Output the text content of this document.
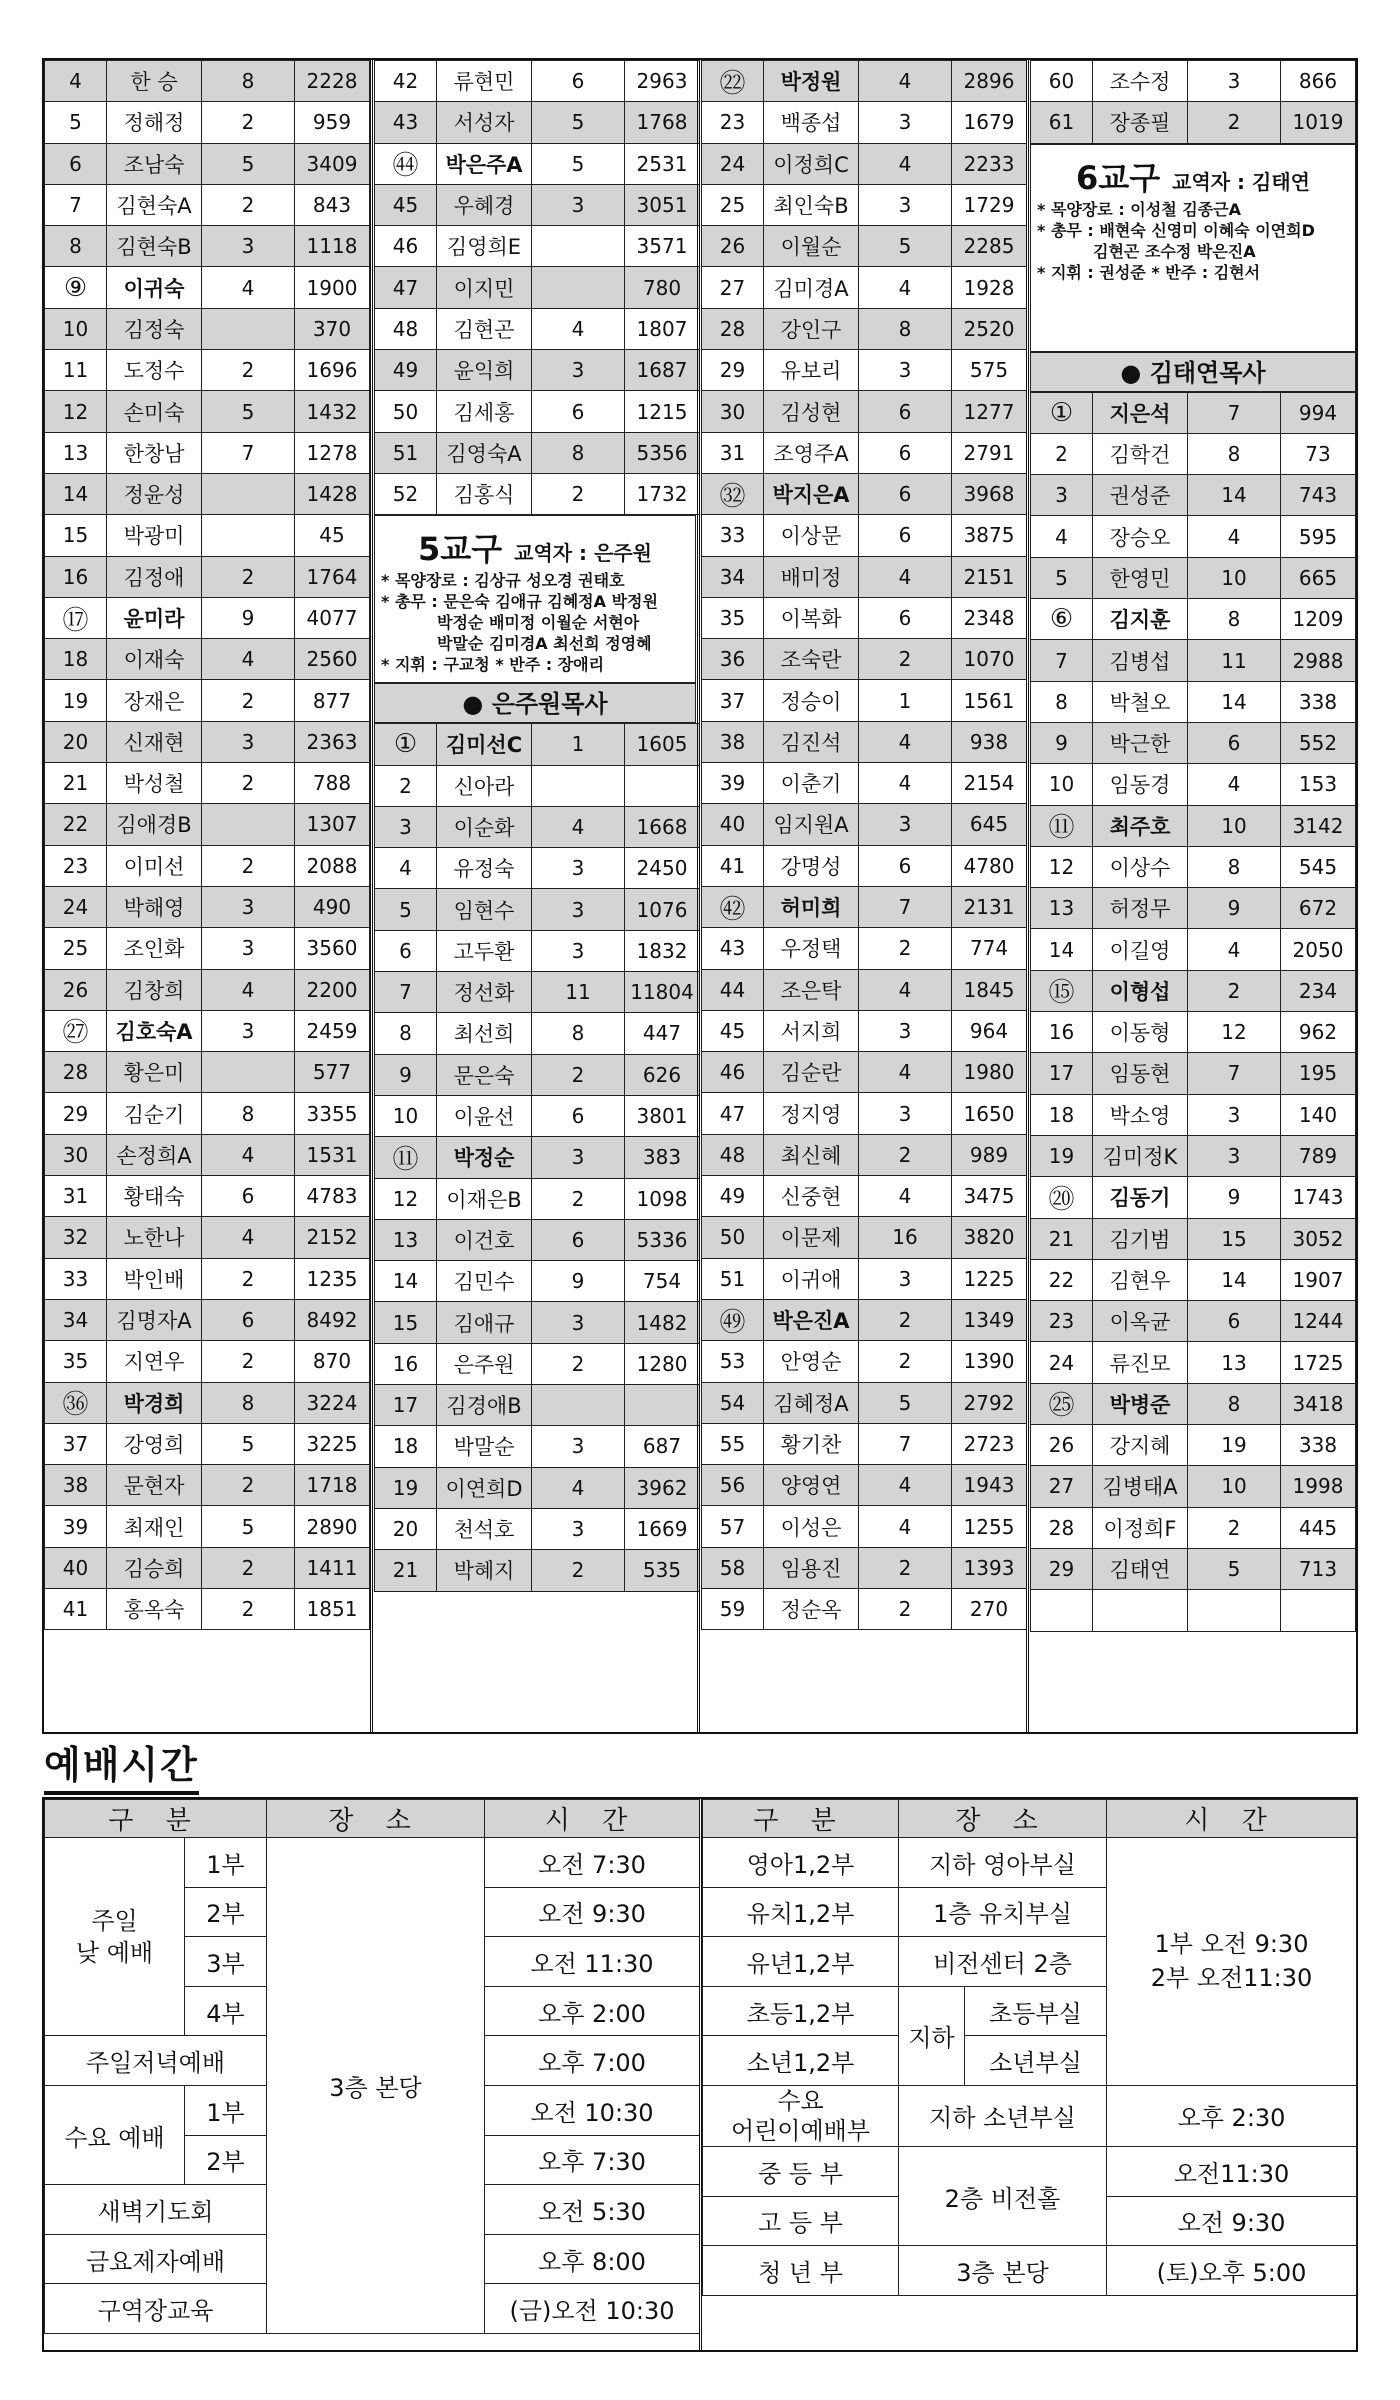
4	한 승	8	2228
5	정해정	2	959
6	조남숙	5	3409
7	김현숙A	2	843
8	김현숙B	3	1118
⑨	이귀숙	4	1900
10	김정숙		370
11	도정수	2	1696
12	손미숙	5	1432
13	한창남	7	1278
14	정윤성		1428
15	박광미		45
16	김정애	2	1764
⑰	윤미라	9	4077
18	이재숙	4	2560
19	장재은	2	877
20	신재현	3	2363
21	박성철	2	788
22	김애경B		1307
23	이미선	2	2088
24	박해영	3	490
25	조인화	3	3560
26	김창희	4	2200
㉗	김호숙A	3	2459
28	황은미		577
29	김순기	8	3355
30	손정희A	4	1531
31	황태숙	6	4783
32	노한나	4	2152
33	박인배	2	1235
34	김명자A	6	8492
35	지연우	2	870
㊱	박경희	8	3224
37	강영희	5	3225
38	문현자	2	1718
39	최재인	5	2890
40	김승희	2	1411
41	홍옥숙	2	1851
42	류현민	6	2963
43	서성자	5	1768
㊹	박은주A	5	2531
45	우혜경	3	3051
46	김영희E		3571
47	이지민		780
48	김현곤	4	1807
49	윤익희	3	1687
50	김세홍	6	1215
51	김영숙A	8	5356
52	김홍식	2	1732
5교구 교역자 : 은주원
* 목양장로 : 김상규 성오경 권태호
* 총무 : 문은숙 김애규 김혜정A 박정원
박정순 배미정 이월순 서현아
박말순 김미경A 최선희 정영혜
* 지휘 : 구교청 * 반주 : 장애리
● 은주원목사
①	김미선C	1	1605
2	신아라		
3	이순화	4	1668
4	유정숙	3	2450
5	임현수	3	1076
6	고두환	3	1832
7	정선화	11	11804
8	최선희	8	447
9	문은숙	2	626
10	이윤선	6	3801
⑪	박정순	3	383
12	이재은B	2	1098
13	이건호	6	5336
14	김민수	9	754
15	김애규	3	1482
16	은주원	2	1280
17	김경애B		
18	박말순	3	687
19	이연희D	4	3962
20	천석호	3	1669
21	박혜지	2	535
㉒	박정원	4	2896
23	백종섭	3	1679
24	이정희C	4	2233
25	최인숙B	3	1729
26	이월순	5	2285
27	김미경A	4	1928
28	강인구	8	2520
29	유보리	3	575
30	김성현	6	1277
31	조영주A	6	2791
㉜	박지은A	6	3968
33	이상문	6	3875
34	배미정	4	2151
35	이복화	6	2348
36	조숙란	2	1070
37	정승이	1	1561
38	김진석	4	938
39	이춘기	4	2154
40	임지원A	3	645
41	강명성	6	4780
㊷	허미희	7	2131
43	우정택	2	774
44	조은탁	4	1845
45	서지희	3	964
46	김순란	4	1980
47	정지영	3	1650
48	최신혜	2	989
49	신중현	4	3475
50	이문제	16	3820
51	이귀애	3	1225
㊾	박은진A	2	1349
53	안영순	2	1390
54	김혜정A	5	2792
55	황기찬	7	2723
56	양영연	4	1943
57	이성은	4	1255
58	임용진	2	1393
59	정순옥	2	270
60	조수정	3	866
61	장종필	2	1019
6교구 교역자 : 김태연
* 목양장로 : 이성철 김종근A
* 총무 : 배현숙 신영미 이혜숙 이연희D
김현곤 조수정 박은진A
* 지휘 : 권성준 * 반주 : 김현서
● 김태연목사
①	지은석	7	994
2	김학건	8	73
3	권성준	14	743
4	장승오	4	595
5	한영민	10	665
⑥	김지훈	8	1209
7	김병섭	11	2988
8	박철오	14	338
9	박근한	6	552
10	임동경	4	153
⑪	최주호	10	3142
12	이상수	8	545
13	허정무	9	672
14	이길영	4	2050
⑮	이형섭	2	234
16	이동형	12	962
17	임동현	7	195
18	박소영	3	140
19	김미정K	3	789
⑳	김동기	9	1743
21	김기범	15	3052
22	김현우	14	1907
23	이옥균	6	1244
24	류진모	13	1725
㉕	박병준	8	3418
26	강지혜	19	338
27	김병태A	10	1998
28	이정희F	2	445
29	김태연	5	713

예배시간
구 분		장 소	시 간
주일
낮 예배	1부	3층 본당	오전 7:30
	2부		오전 9:30
	3부		오전 11:30
	4부		오후 2:00
주일저녁예배			오후 7:00
수요 예배	1부		오전 10:30
	2부		오후 7:30
새벽기도회			오전 5:30
금요제자예배			오후 8:00
구역장교육			(금)오전 10:30
구 분	장 소		시 간
영아1,2부	지하 영아부실		1부 오전 9:30
2부 오전11:30
유치1,2부	1층 유치부실		
유년1,2부	비전센터 2층		
초등1,2부	지하	초등부실	
소년1,2부		소년부실	
수요
어린이예배부	지하 소년부실		오후 2:30

중 등 부	2층 비전홀		오전11:30
고 등 부			오전 9:30
청 년 부	3층 본당		(토)오후 5:00
